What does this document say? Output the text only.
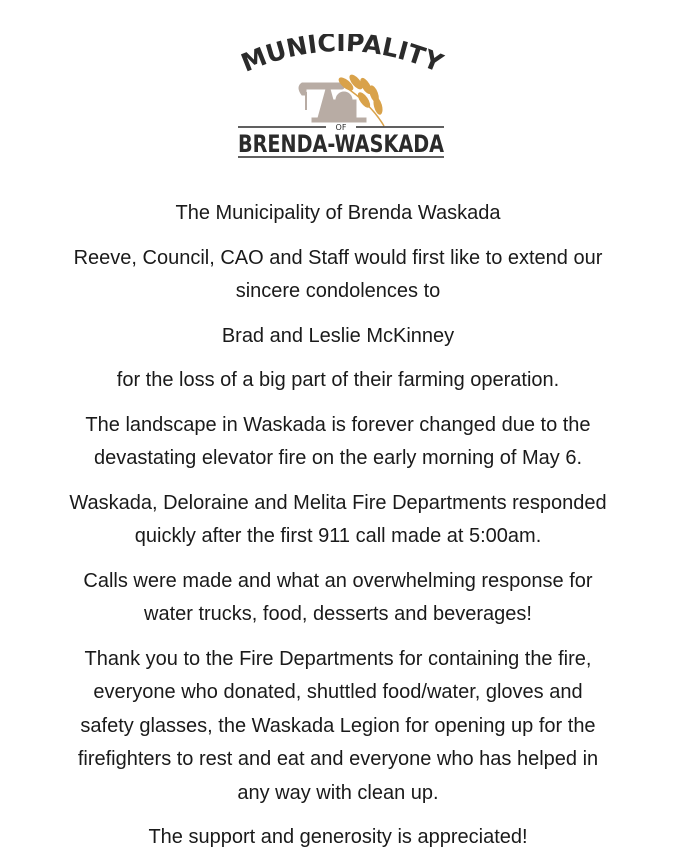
MUNICIPALITY
OF
BRENDA-WASKADA

The Municipality of Brenda Waskada

Reeve, Council, CAO and Staff would first like to extend our
sincere condolences to

Brad and Leslie McKinney

for the loss of a big part of their farming operation.

The landscape in Waskada is forever changed due to the
devastating elevator fire on the early morning of May 6.

Waskada, Deloraine and Melita Fire Departments responded
quickly after the first 911 call made at 5:00am.

Calls were made and what an overwhelming response for
water trucks, food, desserts and beverages!

Thank you to the Fire Departments for containing the fire,
everyone who donated, shuttled food/water, gloves and
safety glasses, the Waskada Legion for opening up for the
firefighters to rest and eat and everyone who has helped in
any way with clean up.

The support and generosity is appreciated!
